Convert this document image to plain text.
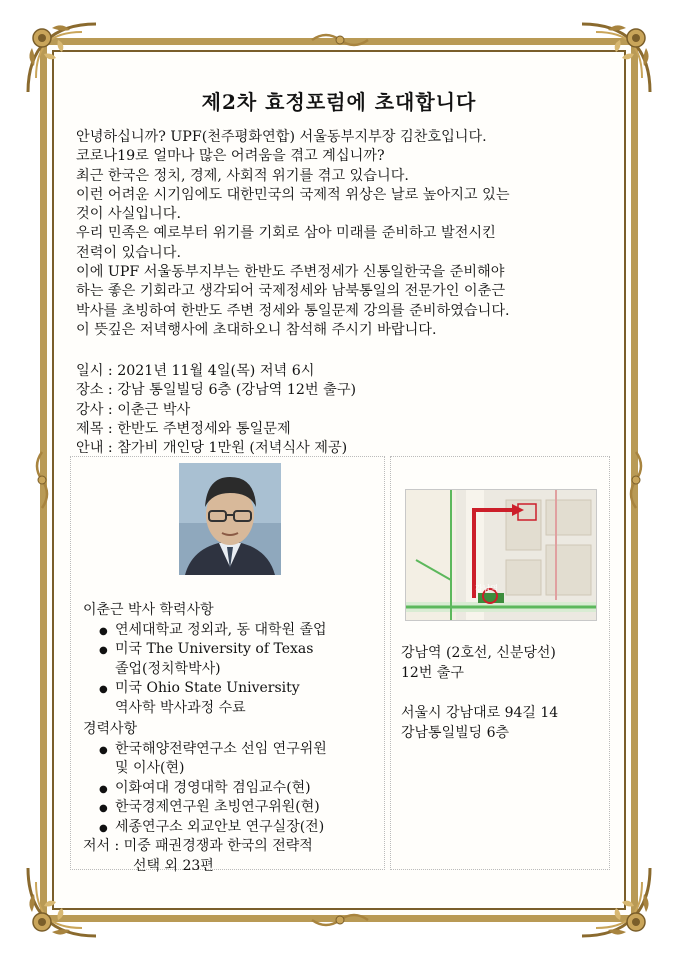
제2차 효정포럼에 초대합니다

안녕하십니까? UPF(천주평화연합) 서울동부지부장 김찬호입니다.

코로나19로 얼마나 많은 어려움을 겪고 계십니까?

최근 한국은 정치, 경제, 사회적 위기를 겪고 있습니다.

이런 어려운 시기임에도 대한민국의 국제적 위상은 날로 높아지고 있는

것이 사실입니다.

우리 민족은 예로부터 위기를 기회로 삼아 미래를 준비하고 발전시킨

전력이 있습니다.

이에 UPF 서울동부지부는 한반도 주변정세가 신통일한국을 준비해야

하는 좋은 기회라고 생각되어 국제정세와 남북통일의 전문가인 이춘근

박사를 초빙하여 한반도 주변 정세와 통일문제 강의를 준비하였습니다.

이 뜻깊은 저녁행사에 초대하오니 참석해 주시기 바랍니다.

일시 : 2021년 11월 4일(목) 저녁 6시

장소 : 강남 통일빌딩 6층 (강남역 12번 출구)

강사 : 이춘근 박사

제목 : 한반도 주변정세와 통일문제

안내 : 참가비 개인당 1만원 (저녁식사 제공)

이춘근 박사 학력사항

● 연세대학교 정외과, 동 대학원 졸업
● 미국 The University of Texas
졸업(정치학박사)
● 미국 Ohio State University
역사학 박사과정 수료

경력사항

● 한국해양전략연구소 선임 연구위원
및 이사(현)
● 이화여대 경영대학 겸임교수(현)
● 한국경제연구원 초빙연구위원(현)
● 세종연구소 외교안보 연구실장(전)
저서 : 미중 패권경쟁과 한국의 전략적
선택 외 23편
강남역

강남역 (2호선, 신분당선)

12번 출구

서울시 강남대로 94길 14

강남통일빌딩 6층
